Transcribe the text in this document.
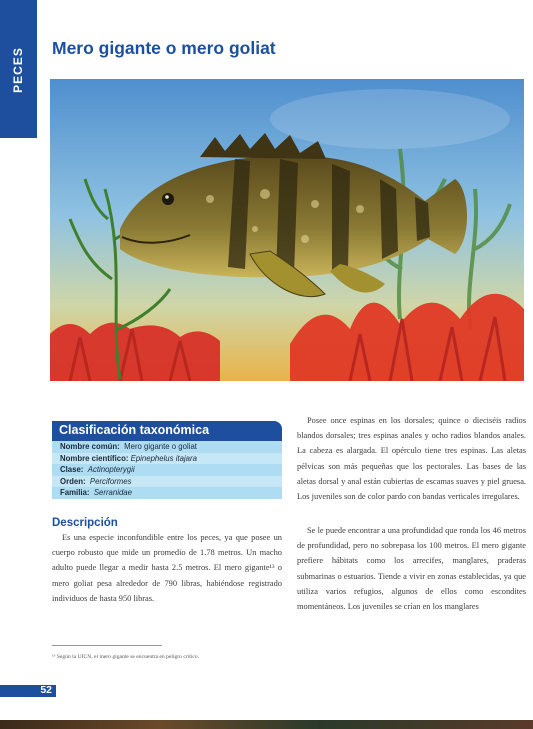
PECES Mero gigante o mero goliat
Clasificación taxonómica
Nombre común: Mero gigante o goliat
Nombre científico: Epinephelus itajara
Clase: Actinopterygii
Orden: Perciformes
Familia: Serranidae
Descripción

Es una especie inconfundible entre los peces, ya que posee un cuerpo robusto que mide un promedio de 1.78 metros. Un macho adulto puede llegar a medir hasta 2.5 metros. El mero gigante¹³ o mero goliat pesa alrededor de 790 libras, habiéndose registrado individuos de hasta 950 libras.

Posee once espinas en los dorsales; quince o dieciséis radios blandos dorsales; tres espinas anales y ocho radios blandos anales. La cabeza es alargada. El opérculo tiene tres espinas. Las aletas pélvicas son más pequeñas que los pectorales. Las bases de las aletas dorsal y anal están cubiertas de escamas suaves y piel gruesa. Los juveniles son de color pardo con bandas verticales irregulares.

Se le puede encontrar a una profundidad que ronda los 46 metros de profundidad, pero no sobrepasa los 100 metros. El mero gigante prefiere hábitats como los arrecifes, manglares, praderas submarinas o estuarios. Tiende a vivir en zonas establecidas, ya que utiliza varios refugios, algunos de ellos como escondites momentáneos. Los juveniles se crían en los manglares

¹³ Según la UICN, el mero gigante se encuentra en peligro crítico.

52
